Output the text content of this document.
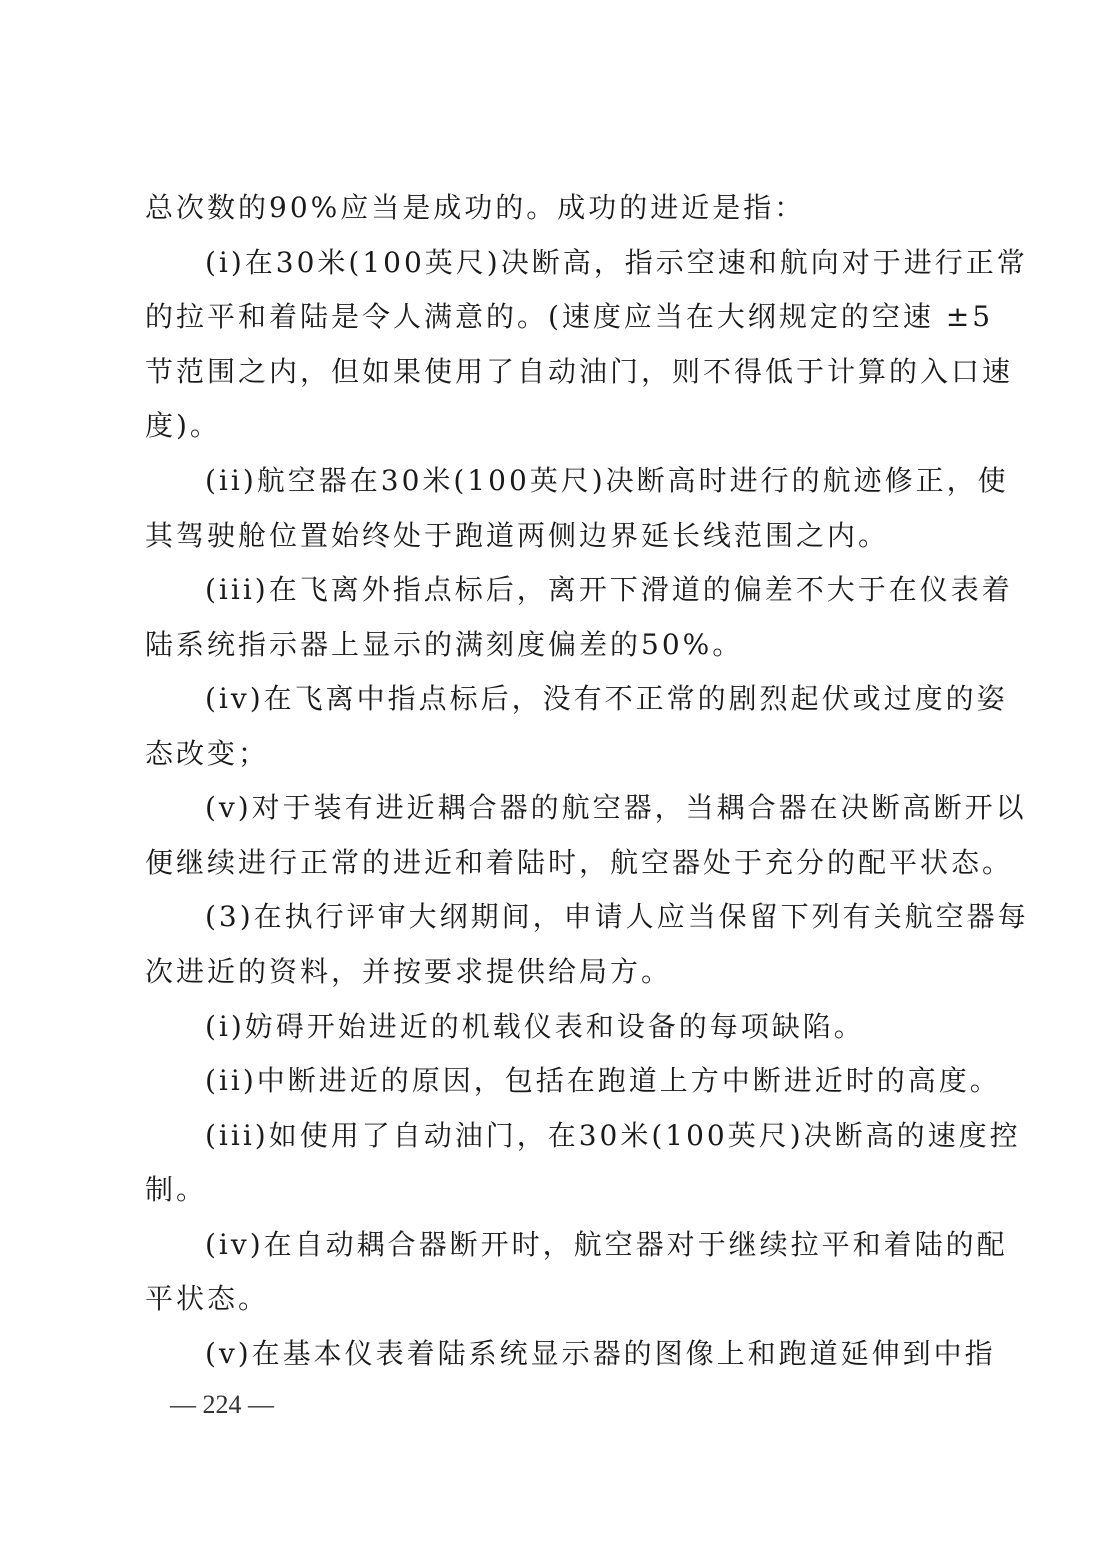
总次数的90%应当是成功的。成功的进近是指：

(i)在30米(100英尺)决断高，指示空速和航向对于进行正常

的拉平和着陆是令人满意的。(速度应当在大纲规定的空速 ±5

节范围之内，但如果使用了自动油门，则不得低于计算的入口速

度)。

(ii)航空器在30米(100英尺)决断高时进行的航迹修正，使

其驾驶舱位置始终处于跑道两侧边界延长线范围之内。

(iii)在飞离外指点标后，离开下滑道的偏差不大于在仪表着

陆系统指示器上显示的满刻度偏差的50%。

(iv)在飞离中指点标后，没有不正常的剧烈起伏或过度的姿

态改变；

(v)对于装有进近耦合器的航空器，当耦合器在决断高断开以

便继续进行正常的进近和着陆时，航空器处于充分的配平状态。

(3)在执行评审大纲期间，申请人应当保留下列有关航空器每

次进近的资料，并按要求提供给局方。

(i)妨碍开始进近的机载仪表和设备的每项缺陷。

(ii)中断进近的原因，包括在跑道上方中断进近时的高度。

(iii)如使用了自动油门，在30米(100英尺)决断高的速度控

制。

(iv)在自动耦合器断开时，航空器对于继续拉平和着陆的配

平状态。

(v)在基本仪表着陆系统显示器的图像上和跑道延伸到中指

— 224 —
